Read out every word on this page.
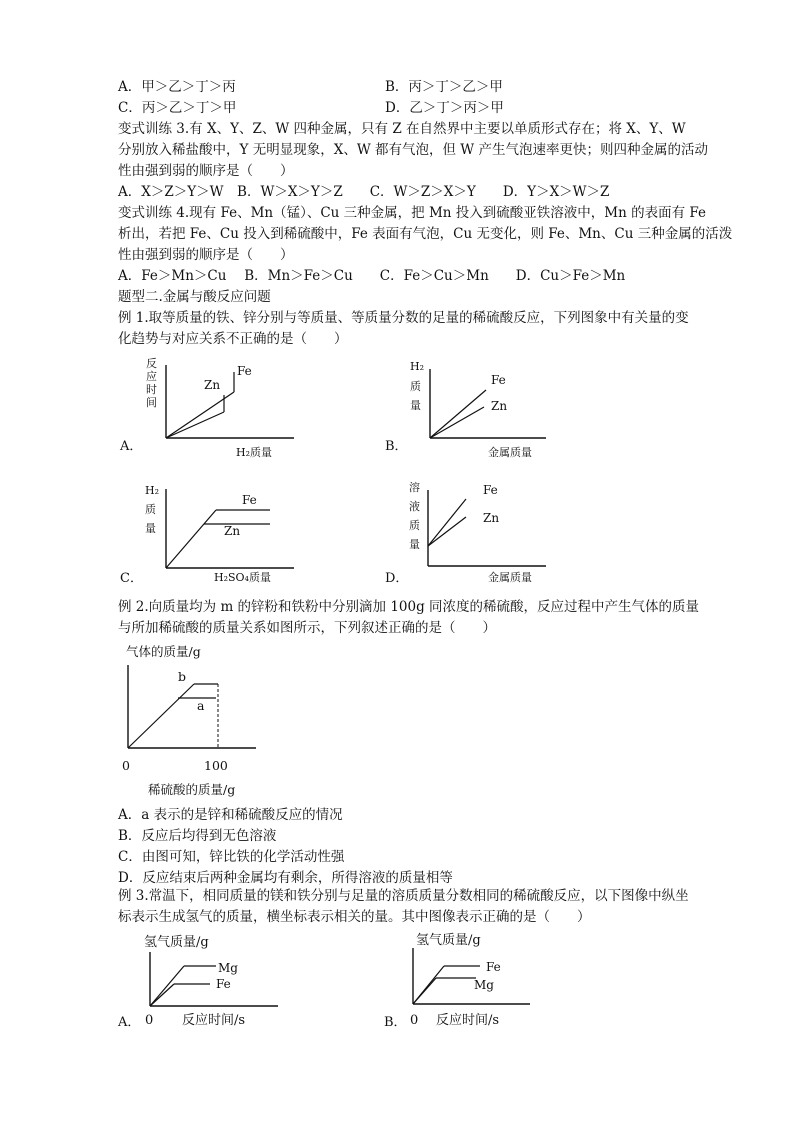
A．甲＞乙＞丁＞丙	B．丙＞丁＞乙＞甲
C．丙＞乙＞丁＞甲	D．乙＞丁＞丙＞甲
变式训练 3.有 X、Y、Z、W 四种金属，只有 Z 在自然界中主要以单质形式存在；将 X、Y、W
分别放入稀盐酸中，Y 无明显现象，X、W 都有气泡，但 W 产生气泡速率更快；则四种金属的活动
性由强到弱的顺序是（　　）
A．X＞Z＞Y＞W　B．W＞X＞Y＞Z　　C．W＞Z＞X＞Y　　D．Y＞X＞W＞Z
变式训练 4.现有 Fe、Mn（锰）、Cu 三种金属，把 Mn 投入到硫酸亚铁溶液中，Mn 的表面有 Fe
析出，若把 Fe、Cu 投入到稀硫酸中，Fe 表面有气泡，Cu 无变化，则 Fe、Mn、Cu 三种金属的活泼
性由强到弱的顺序是（　　）
A．Fe＞Mn＞Cu　 B．Mn＞Fe＞Cu　　C．Fe＞Cu＞Mn　　D．Cu＞Fe＞Mn
题型二.金属与酸反应问题
例 1.取等质量的铁、锌分别与等质量、等质量分数的足量的稀硫酸反应，下列图象中有关量的变
化趋势与对应关系不正确的是（　　）
A．
反
应
时
间
Fe
Zn
H₂质量	B．
H₂
质
量
Fe
Zn
金属质量
C．
H₂
质
量
Fe
Zn
H₂SO₄质量	D．
溶
液
质
量
Fe
Zn
金属质量
例 2.向质量均为 m 的锌粉和铁粉中分别滴加 100g 同浓度的稀硫酸，反应过程中产生气体的质量
与所加稀硫酸的质量关系如图所示，下列叙述正确的是（　　）
气体的质量/g
b
a
0	100
稀硫酸的质量/g
A．a 表示的是锌和稀硫酸反应的情况
B．反应后均得到无色溶液
C．由图可知，锌比铁的化学活动性强
D．反应结束后两种金属均有剩余，所得溶液的质量相等
例 3.常温下，相同质量的镁和铁分别与足量的溶质质量分数相同的稀硫酸反应，以下图像中纵坐
标表示生成氢气的质量，横坐标表示相关的量。其中图像表示正确的是（　　）
氢气质量/g
Mg
Fe
A． 0 反应时间/s
氢气质量/g
Fe
Mg
B． 0 反应时间/s
